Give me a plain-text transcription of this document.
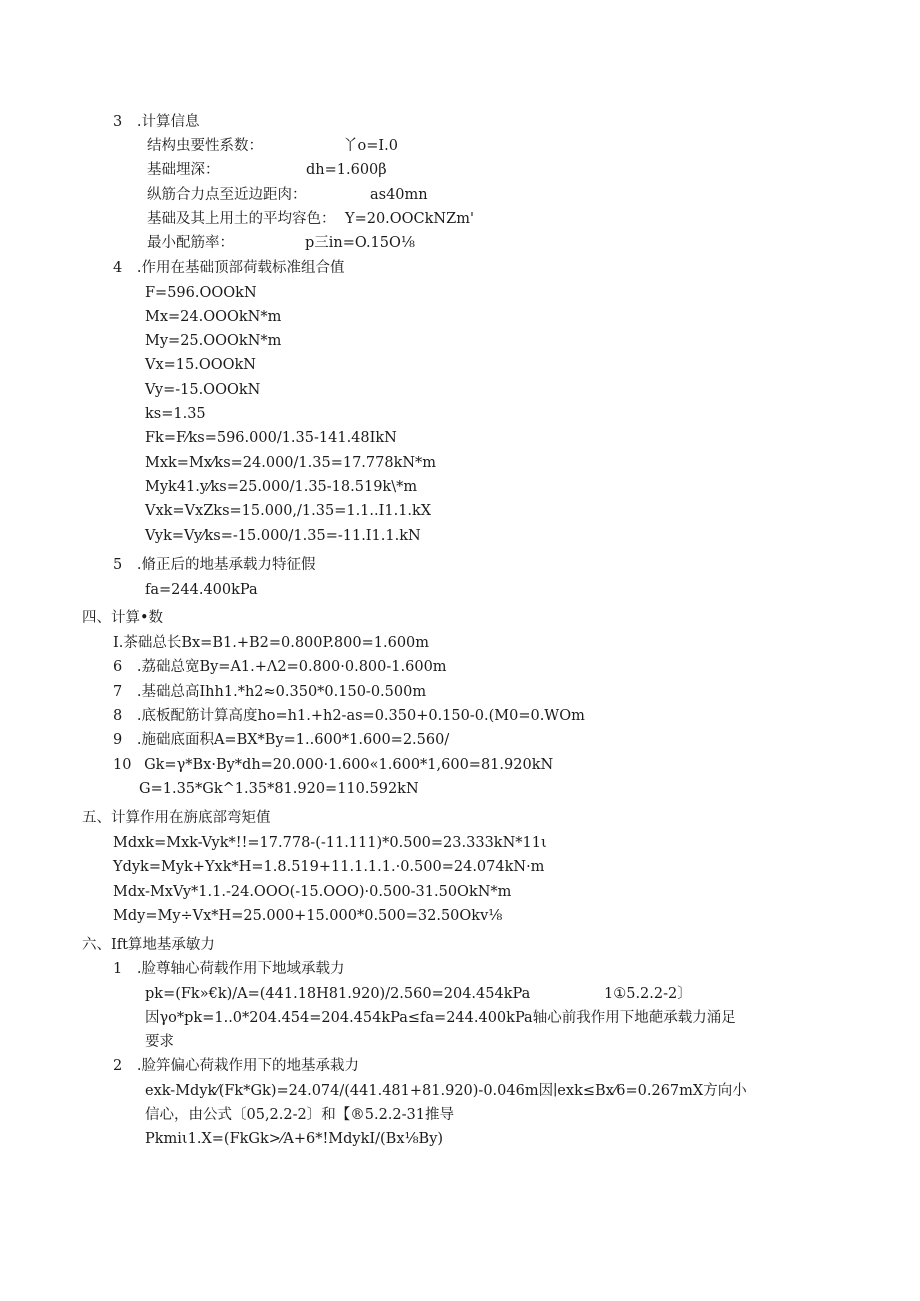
3 .计算信息
结构虫要性系数：	丫o=I.0
基础埋深：	dh=1.600β
纵筋合力点至近边距肉：	as40mn
基础及其上用土的平均容色： Y=20.OOCkNZm'
最小配筋率：	p三in=O.15O⅛
4 .作用在基础顶部荷载标准组合值
F=596.OOOkN
Mx=24.OOOkN*m
My=25.OOOkN*m
Vx=15.OOOkN
Vy=-15.OOOkN
ks=1.35
Fk=F⁄ks=596.000/1.35-141.48IkN
Mxk=Mx⁄ks=24.000/1.35=17.778kN*m
Myk41.y⁄ks=25.000/1.35-18.519k\*m
Vxk=VxZks=15.000,/1.35=1.1..I1.1.kX
Vyk=Vy⁄ks=-15.000/1.35=-11.I1.1.kN
5 .脩正后的地基承载力特征假
fa=244.400kPa
四、计算•数
I.茶础总长Bx=B1.+B2=0.800P.800=1.600m
6 .荔础总宽By=A1.+Λ2=0.800·0.800-1.600m
7 .基础总高Ihh1.*h2≈0.350*0.150-0.500m
8 .底板配筋计算高度ho=h1.+h2-as=0.350+0.150-0.(M0=0.WOm
9 .施础底面积A=BX*By=1..600*1.600=2.560/
10 Gk=γ*Bx·By*dh=20.000·1.600«1.600*1,600=81.920kN
G=1.35*Gk^1.35*81.920=110.592kN
五、计算作用在旃底部弯矩值
Mdxk=Mxk-Vyk*!!=17.778-(-11.111)*0.500=23.333kN*11ι
Ydyk=Myk+Yxk*H=1.8.519+11.1.1.1.·0.500=24.074kN·m
Mdx-MxVy*1.1.-24.OOO(-15.OOO)·0.500-31.50OkN*m
Mdy=My÷Vx*H=25.000+15.000*0.500=32.50Okv⅛
六、Ift算地基承敏力
1 .脸尊轴心荷载作用下地域承载力
pk=(Fk»€k)/A=(441.18H81.920)/2.560=204.454kPa	1①5.2.2-2〕
因γo*pk=1..0*204.454=204.454kPa≤fa=244.400kPa轴心前我作用下地葩承载力涌足
要求
2 .脸笄偏心荷栽作用下的地基承栽力
exk-Mdyk⁄(Fk*Gk)=24.074/(441.481+81.920)-0.046m因∣exk≤Bx⁄6=0.267mX方向小
信心，由公式〔05,2.2-2〕和【®5.2.2-31推导
Pkmiι1.X=(FkGk>⁄A+6*!MdykI/(Bx⅛By)
